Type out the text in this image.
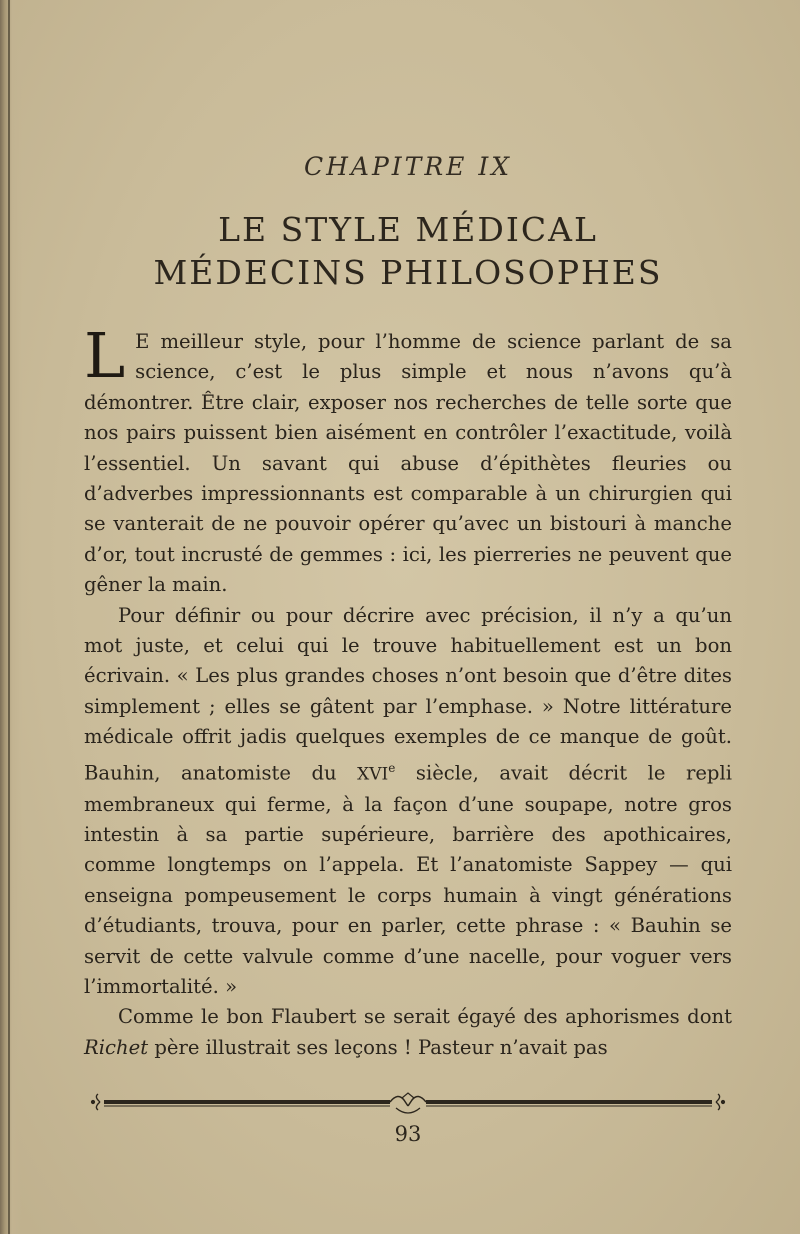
CHAPITRE IX
LE STYLE MÉDICAL
MÉDECINS PHILOSOPHES

L E meilleur style, pour l’homme de science parlant de sa science, c’est le plus simple et nous n’avons qu’à démontrer. Être clair, exposer nos recherches de telle sorte que nos pairs puissent bien aisément en contrôler l’exactitude, voilà l’essentiel. Un savant qui abuse d’épithètes fleuries ou d’adverbes impressionnants est comparable à un chirurgien qui se vanterait de ne pouvoir opérer qu’avec un bistouri à manche d’or, tout incrusté de gemmes : ici, les pierreries ne peuvent que gêner la main.

Pour définir ou pour décrire avec précision, il n’y a qu’un mot juste, et celui qui le trouve habituellement est un bon écrivain. « Les plus grandes choses n’ont besoin que d’être dites simplement ; elles se gâtent par l’emphase. » Notre littérature médicale offrit jadis quelques exemples de ce manque de goût. Bauhin, anatomiste du XVIe siècle, avait décrit le repli membraneux qui ferme, à la façon d’une soupape, notre gros intestin à sa partie supérieure, barrière des apothicaires, comme longtemps on l’appela. Et l’anatomiste Sappey — qui enseigna pompeusement le corps humain à vingt générations d’étudiants, trouva, pour en parler, cette phrase : « Bauhin se servit de cette valvule comme d’une nacelle, pour voguer vers l’immortalité. »

Comme le bon Flaubert se serait égayé des aphorismes dont Richet père illustrait ses leçons ! Pasteur n’avait pas

93
